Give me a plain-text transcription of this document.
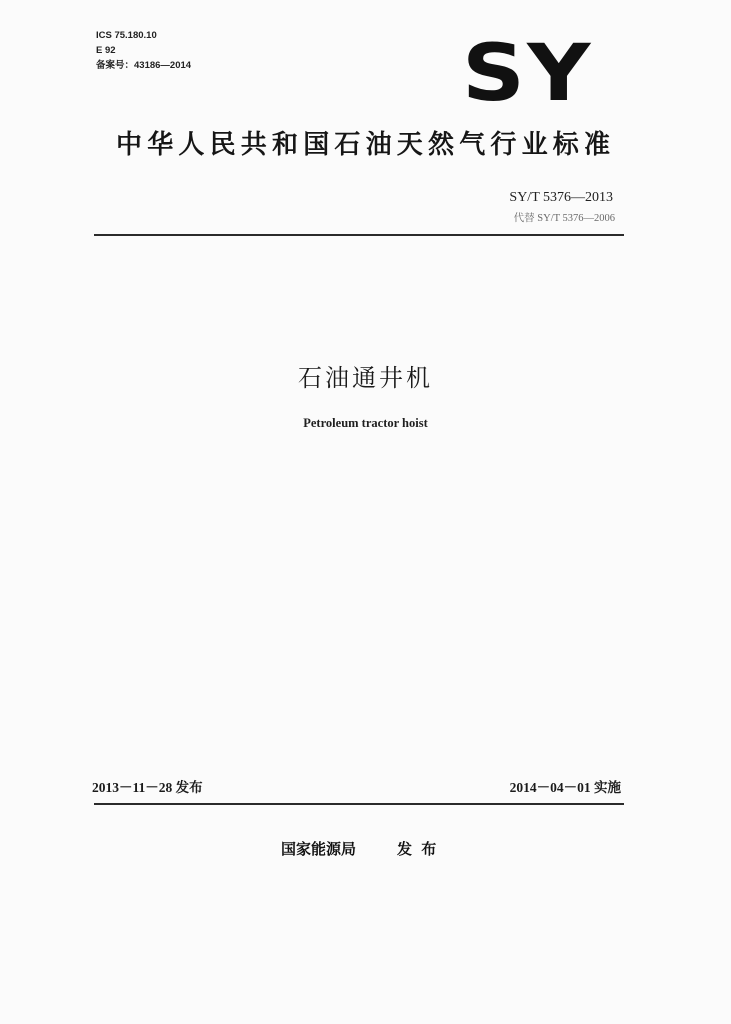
ICS 75.180.10
E 92
备案号：43186—2014	SY
中华人民共和国石油天然气行业标准
SY/T 5376—2013
代替 SY/T 5376—2006
石油通井机
Petroleum tractor hoist
2013－11－28 发布	2014－04－01 实施
国家能源局	发 布
